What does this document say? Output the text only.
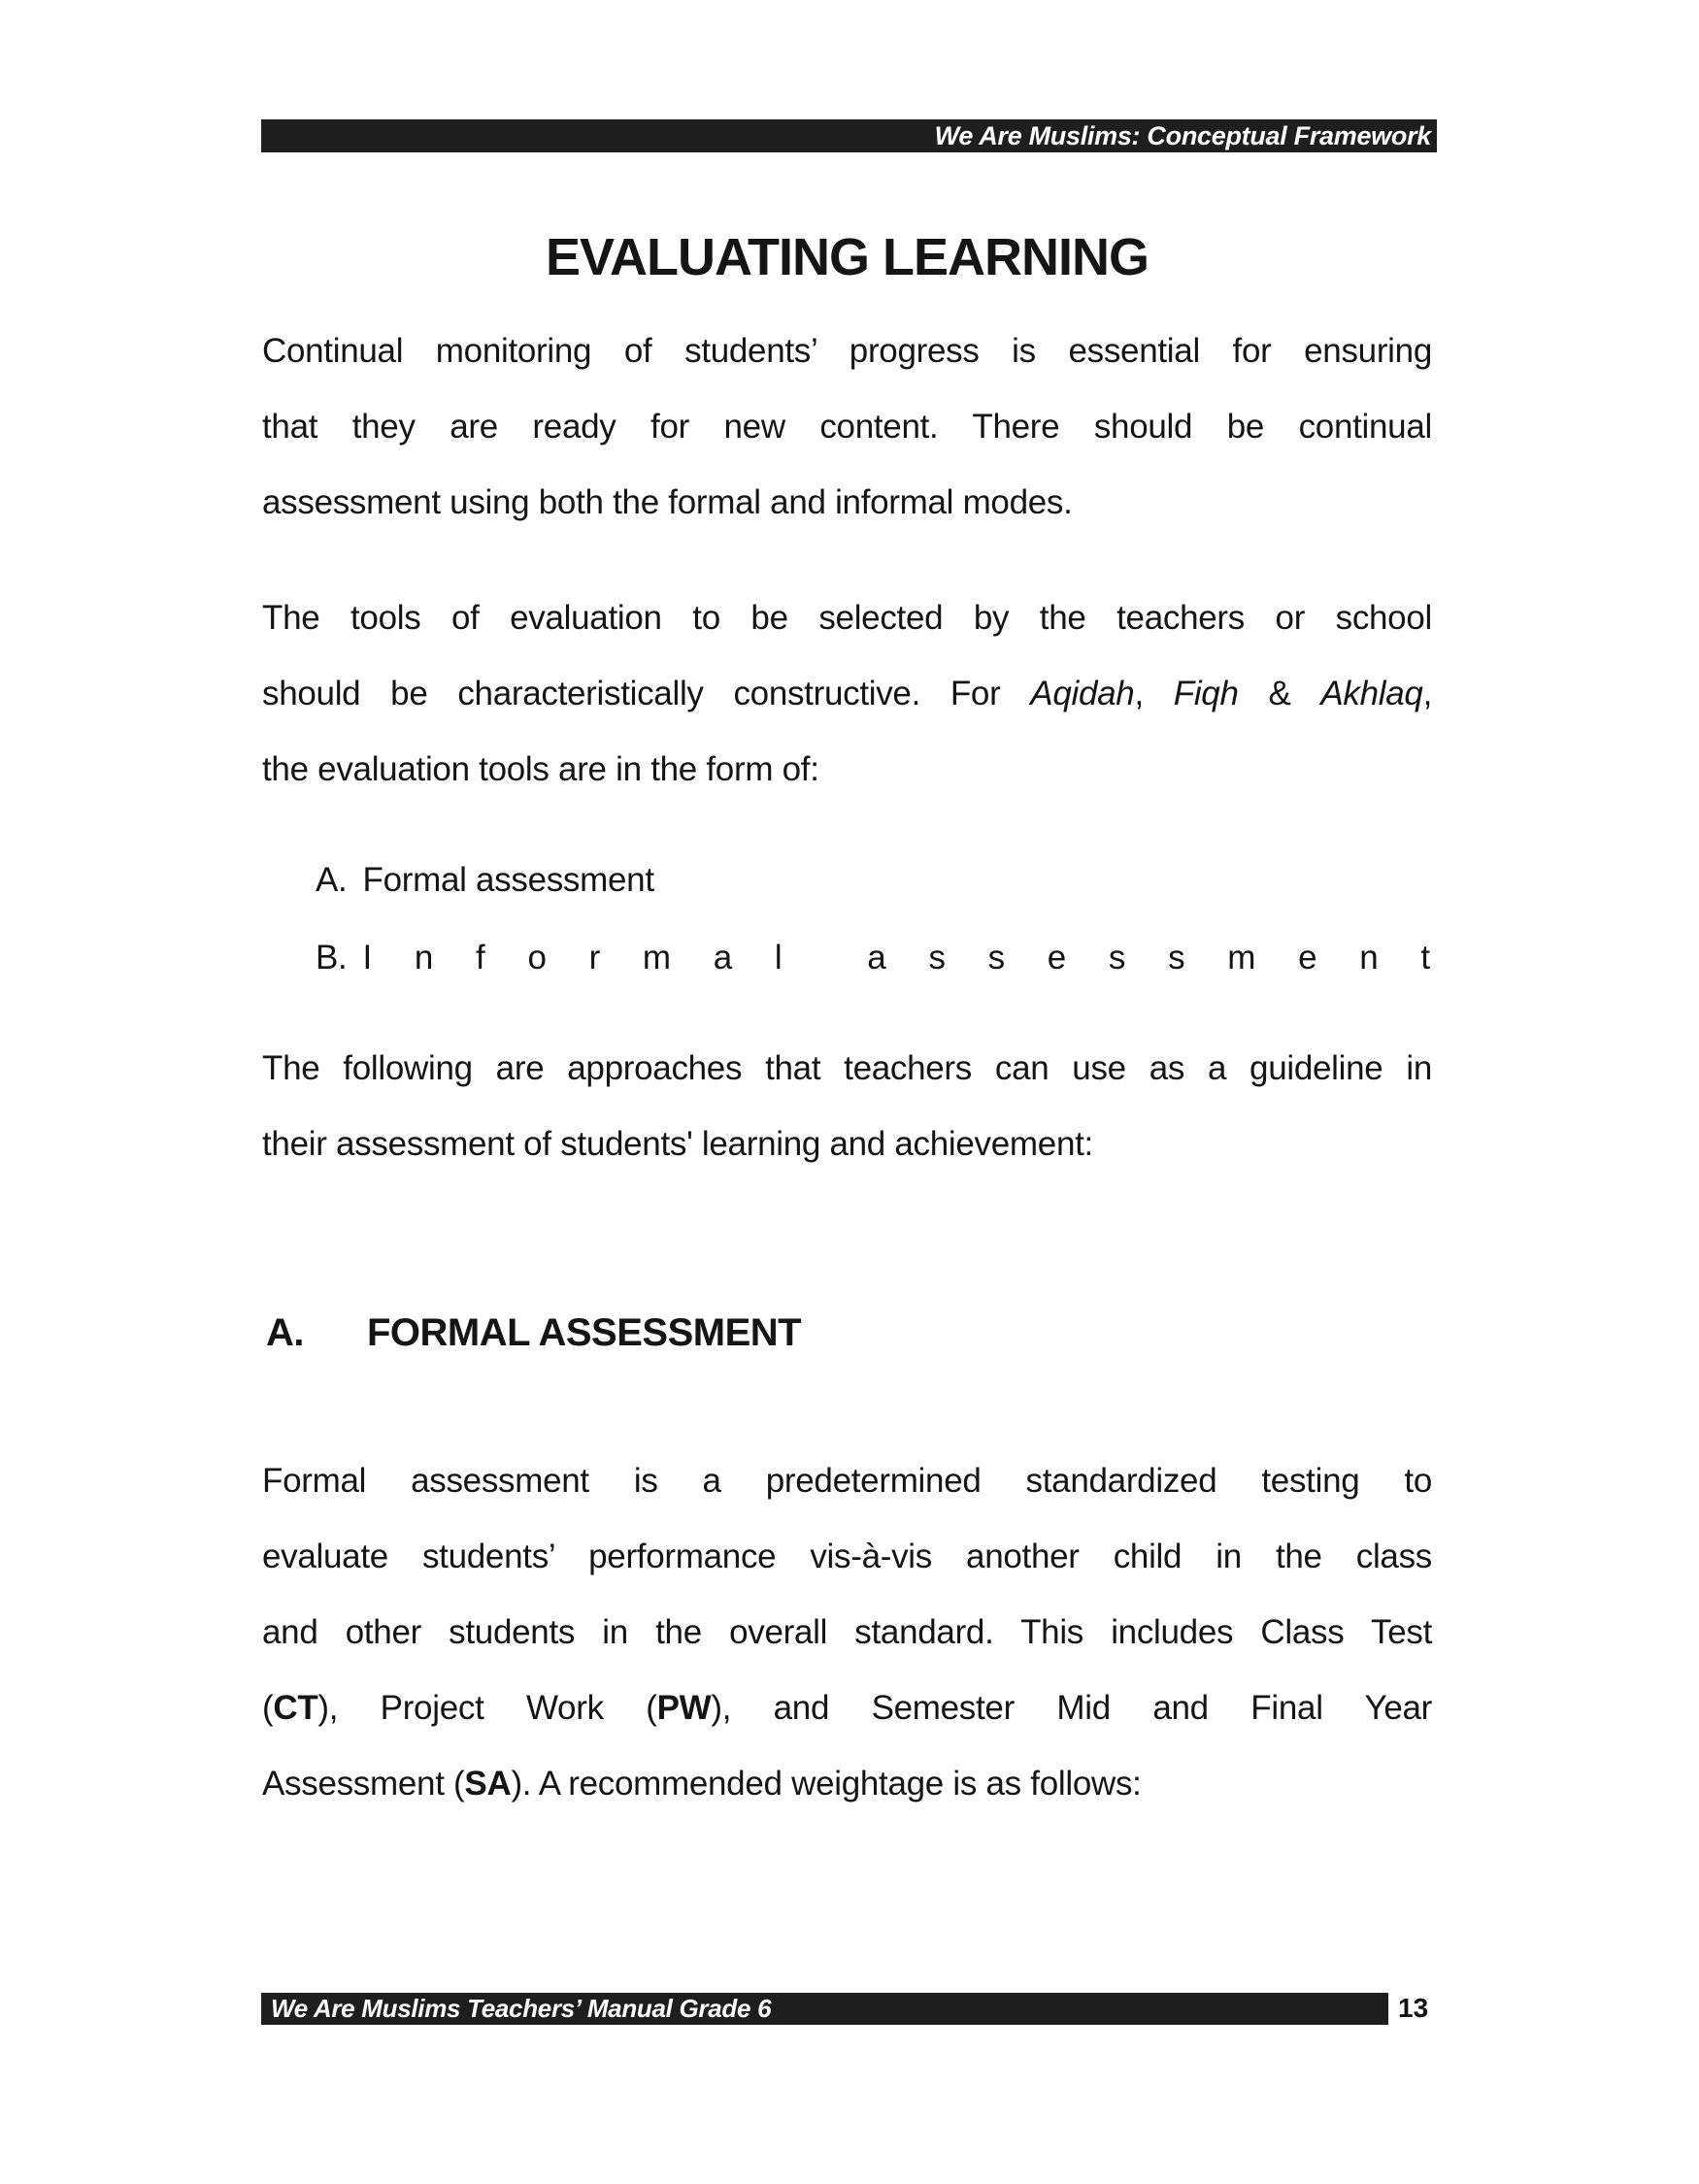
We Are Muslims: Conceptual Framework
EVALUATING LEARNING
Continual monitoring of students’ progress is essential for ensuring
that they are ready for new content. There should be continual
assessment using both the formal and informal modes.
The tools of evaluation to be selected by the teachers or school
should be characteristically constructive. For Aqidah, Fiqh & Akhlaq,
the evaluation tools are in the form of:
A. Formal assessment
B. I n f o r m a l	a s s e s s m e n t
The following are approaches that teachers can use as a guideline in
their assessment of students' learning and achievement:
A. FORMAL ASSESSMENT
Formal assessment is a predetermined standardized testing to
evaluate students’ performance vis-à-vis another child in the class
and other students in the overall standard. This includes Class Test
(CT), Project Work (PW), and Semester Mid and Final Year
Assessment (SA). A recommended weightage is as follows:
We Are Muslims Teachers’ Manual Grade 6	13
